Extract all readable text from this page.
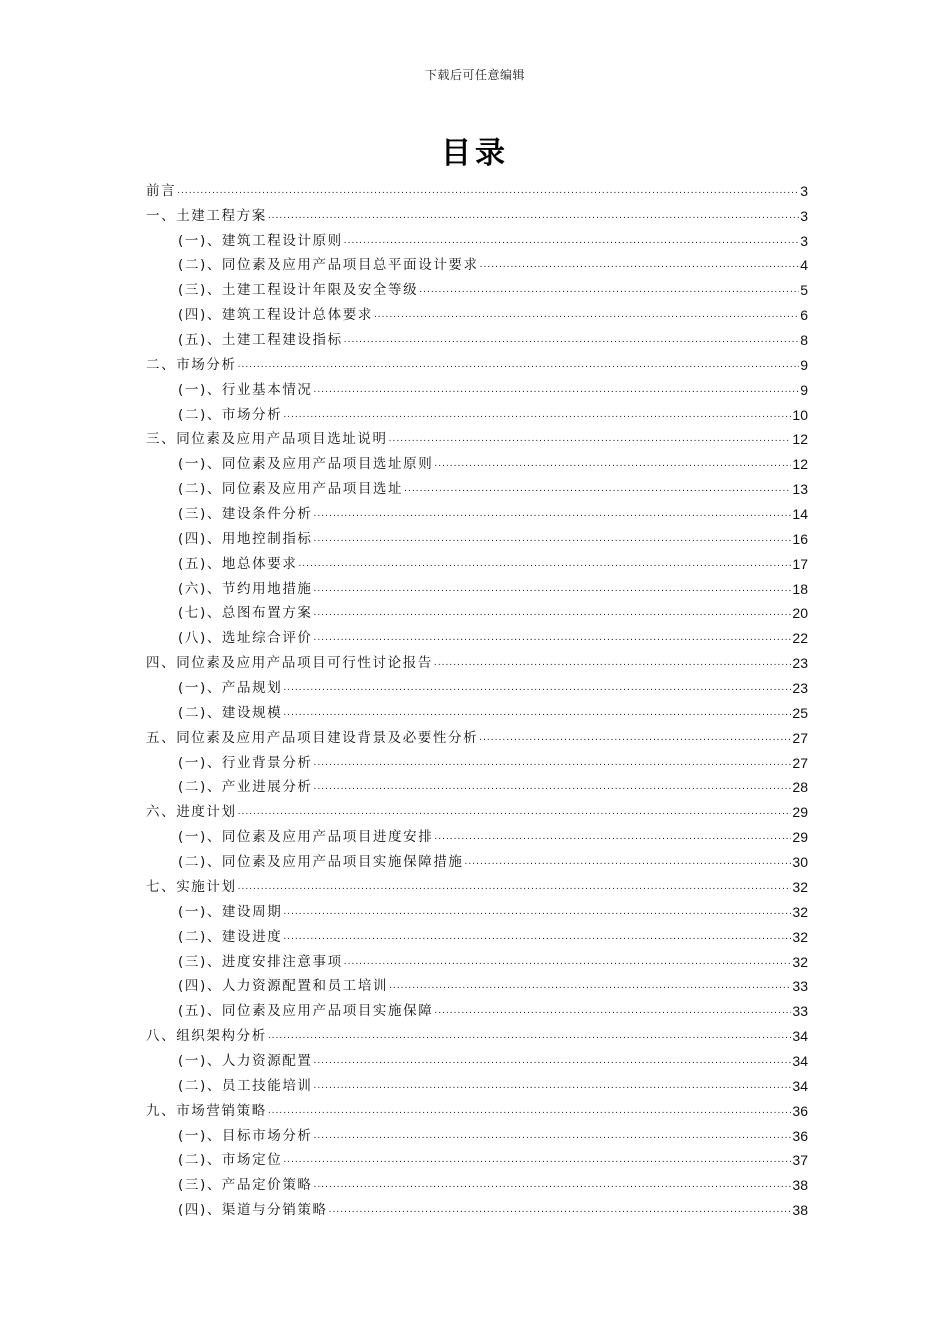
下载后可任意编辑
目录
前言 .....	3
一、土建工程方案 .....	3
(一)、建筑工程设计原则 .....	3
(二)、同位素及应用产品项目总平面设计要求 .....	4
(三)、土建工程设计年限及安全等级 .....	5
(四)、建筑工程设计总体要求 .....	6
(五)、土建工程建设指标 .....	8
二、市场分析 .....	9
(一)、行业基本情况 .....	9
(二)、市场分析 .....	10
三、同位素及应用产品项目选址说明 .....	12
(一)、同位素及应用产品项目选址原则 .....	12
(二)、同位素及应用产品项目选址 .....	13
(三)、建设条件分析 .....	14
(四)、用地控制指标 .....	16
(五)、地总体要求 .....	17
(六)、节约用地措施 .....	18
(七)、总图布置方案 .....	20
(八)、选址综合评价 .....	22
四、同位素及应用产品项目可行性讨论报告 .....	23
(一)、产品规划 .....	23
(二)、建设规模 .....	25
五、同位素及应用产品项目建设背景及必要性分析 .....	27
(一)、行业背景分析 .....	27
(二)、产业进展分析 .....	28
六、进度计划 .....	29
(一)、同位素及应用产品项目进度安排 .....	29
(二)、同位素及应用产品项目实施保障措施 .....	30
七、实施计划 .....	32
(一)、建设周期 .....	32
(二)、建设进度 .....	32
(三)、进度安排注意事项 .....	32
(四)、人力资源配置和员工培训 .....	33
(五)、同位素及应用产品项目实施保障 .....	33
八、组织架构分析 .....	34
(一)、人力资源配置 .....	34
(二)、员工技能培训 .....	34
九、市场营销策略 .....	36
(一)、目标市场分析 .....	36
(二)、市场定位 .....	37
(三)、产品定价策略 .....	38
(四)、渠道与分销策略 .....	38
